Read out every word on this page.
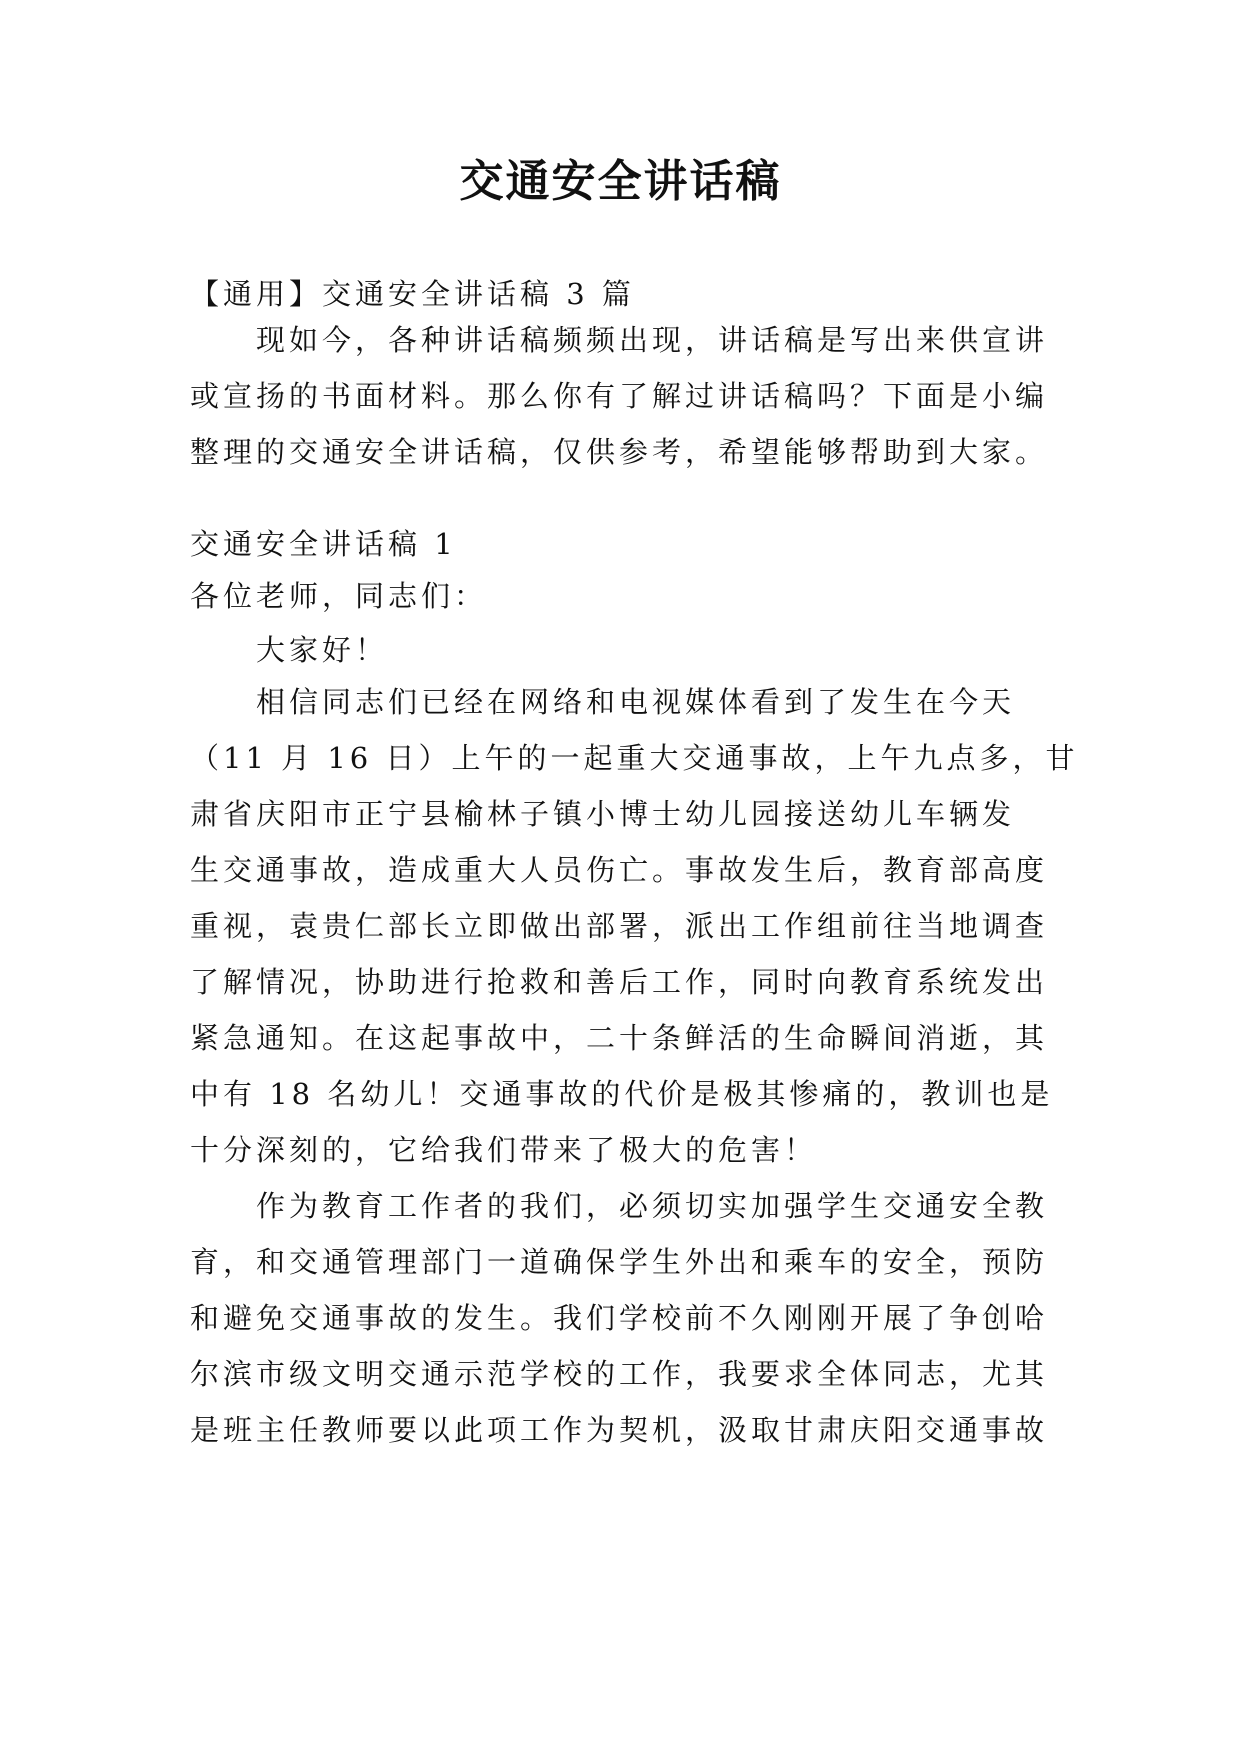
交通安全讲话稿
【通用】交通安全讲话稿 3 篇
现如今，各种讲话稿频频出现，讲话稿是写出来供宣讲
或宣扬的书面材料。那么你有了解过讲话稿吗？下面是小编
整理的交通安全讲话稿，仅供参考，希望能够帮助到大家。
交通安全讲话稿 1
各位老师，同志们：
大家好！
相信同志们已经在网络和电视媒体看到了发生在今天
（11 月 16 日）上午的一起重大交通事故，上午九点多，甘
肃省庆阳市正宁县榆林子镇小博士幼儿园接送幼儿车辆发
生交通事故，造成重大人员伤亡。事故发生后，教育部高度
重视，袁贵仁部长立即做出部署，派出工作组前往当地调查
了解情况，协助进行抢救和善后工作，同时向教育系统发出
紧急通知。在这起事故中，二十条鲜活的生命瞬间消逝，其
中有 18 名幼儿！交通事故的代价是极其惨痛的，教训也是
十分深刻的，它给我们带来了极大的危害！
作为教育工作者的我们，必须切实加强学生交通安全教
育，和交通管理部门一道确保学生外出和乘车的安全，预防
和避免交通事故的发生。我们学校前不久刚刚开展了争创哈
尔滨市级文明交通示范学校的工作，我要求全体同志，尤其
是班主任教师要以此项工作为契机，汲取甘肃庆阳交通事故
